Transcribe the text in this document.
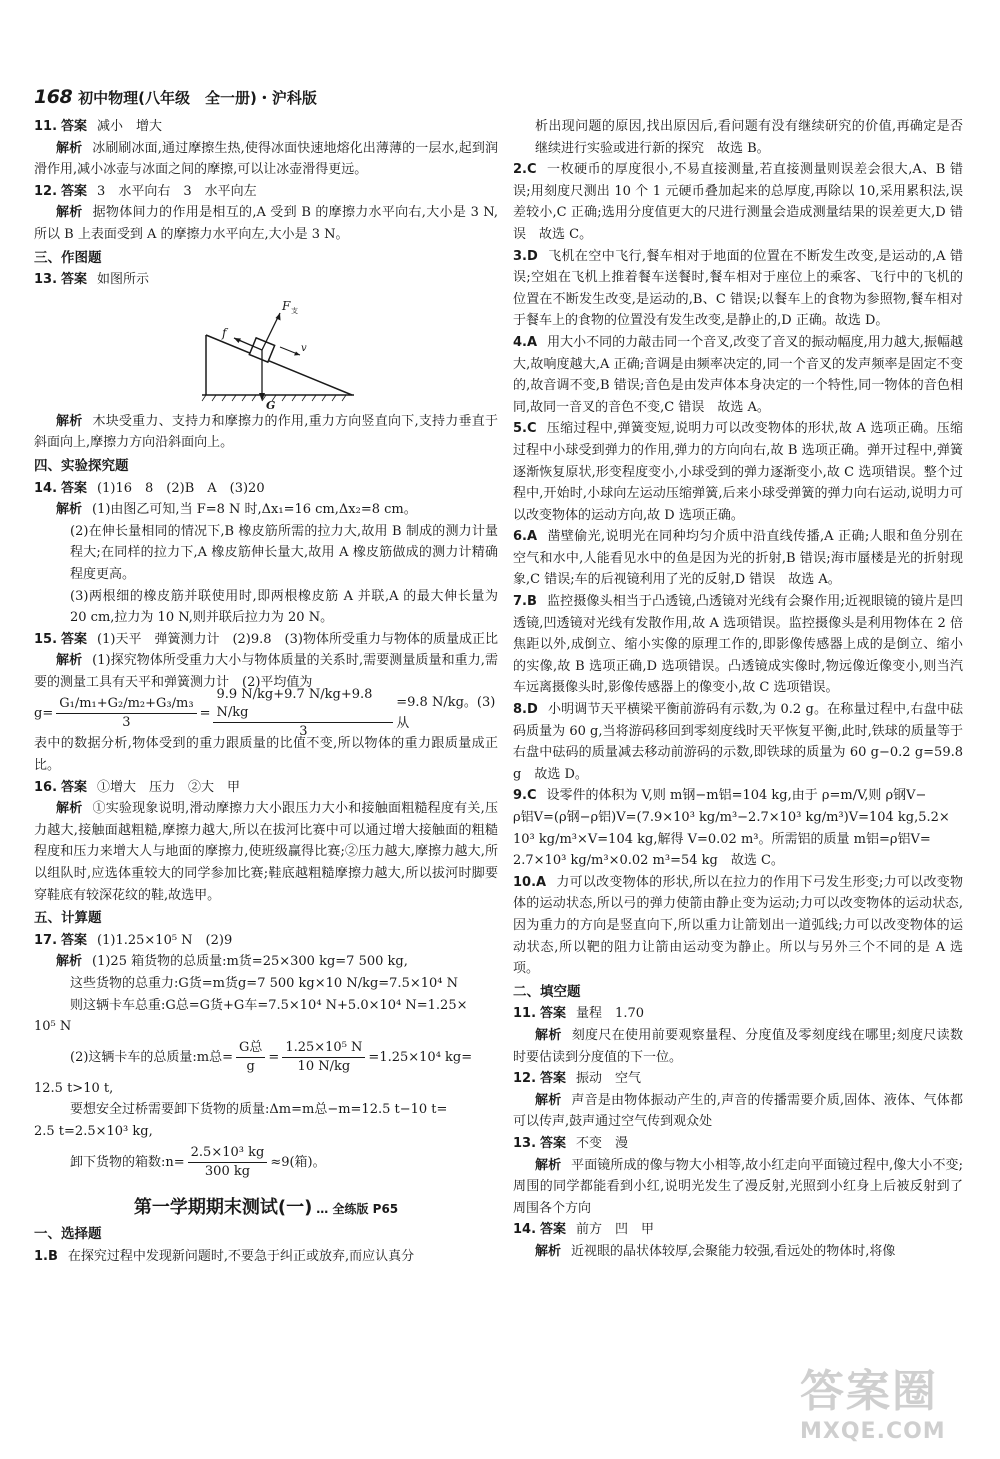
168 初中物理(八年级　全一册)・沪科版
11. 答案 减小　增大

解析 冰刷刷冰面,通过摩擦生热,使得冰面快速地熔化出薄薄的一层水,起到润滑作用,减小冰壶与冰面之间的摩擦,可以让冰壶滑得更远。

12. 答案 3　水平向右　3　水平向左

解析 据物体间力的作用是相互的,A 受到 B 的摩擦力水平向右,大小是 3 N,所以 B 上表面受到 A 的摩擦力水平向左,大小是 3 N。

三、作图题
13. 答案 如图所示
f
F 支
v
G

解析 木块受重力、支持力和摩擦力的作用,重力方向竖直向下,支持力垂直于斜面向上,摩擦力方向沿斜面向上。

四、实验探究题
14. 答案 (1)16　8　(2)B　A　(3)20

解析 (1)由图乙可知,当 F=8 N 时,Δx₁=16 cm,Δx₂=8 cm。

(2)在伸长量相同的情况下,B 橡皮筋所需的拉力大,故用 B 制成的测力计量程大;在同样的拉力下,A 橡皮筋伸长量大,故用 A 橡皮筋做成的测力计精确程度更高。

(3)两根细的橡皮筋并联使用时,即两根橡皮筋 A 并联,A 的最大伸长量为 20 cm,拉力为 10 N,则并联后拉力为 20 N。

15. 答案 (1)天平　弹簧测力计　(2)9.8　(3)物体所受重力与物体的质量成正比

解析 (1)探究物体所受重力大小与物体质量的关系时,需要测量质量和重力,需要的测量工具有天平和弹簧测力计　(2)平均值为

$g= \frac{\text{G₁/m₁+G₂/m₂+G₃/m₃}}{3} = \frac{9.9 N/kg+9.7 N/kg+9.8 N/kg}{3} =9.8$ N/kg。(3)从

表中的数据分析,物体受到的重力跟质量的比值不变,所以物体的重力跟质量成正比。

16. 答案 ①增大　压力　②大　甲

解析 ①实验现象说明,滑动摩擦力大小跟压力大小和接触面粗糙程度有关,压力越大,接触面越粗糙,摩擦力越大,所以在拔河比赛中可以通过增大接触面的粗糙程度和压力来增大人与地面的摩擦力,使班级赢得比赛;②压力越大,摩擦力越大,所以组队时,应选体重较大的同学参加比赛;鞋底越粗糙摩擦力越大,所以拔河时脚要穿鞋底有较深花纹的鞋,故选甲。

五、计算题
17. 答案 (1)1.25×10⁵ N　(2)9

解析 (1)25 箱货物的总质量:m货=25×300 kg=7 500 kg,

这些货物的总重力:G货=m货g=7 500 kg×10 N/kg=7.5×10⁴ N

则这辆卡车总重:G总=G货+G车=7.5×10⁴ N+5.0×10⁴ N=1.25×

10⁵ N

(2)这辆卡车的总质量:m总= $\frac{\text{G总}}{g} = \frac{\text{1.25×10⁵ N}}{10 N/kg} =1.25\times 10^4$ kg=

12.5 t>10 t,

要想安全过桥需要卸下货物的质量:Δm=m总−m=12.5 t−10 t=

2.5 t=2.5×10³ kg,

卸下货物的箱数:n= $\frac{\text{2.5×10³ kg}}{300 kg} \approx 9$(箱)。
第一学期期末测试(一) … 全练版 P65
一、选择题

1.B 在探究过程中发现新问题时,不要急于纠正或放弃,而应认真分

析出现问题的原因,找出原因后,看问题有没有继续研究的价值,再确定是否继续进行实验或进行新的探究　故选 B。

2.C 一枚硬币的厚度很小,不易直接测量,若直接测量则误差会很大,A、B 错误;用刻度尺测出 10 个 1 元硬币叠加起来的总厚度,再除以 10,采用累积法,误差较小,C 正确;选用分度值更大的尺进行测量会造成测量结果的误差更大,D 错误　故选 C。

3.D 飞机在空中飞行,餐车相对于地面的位置在不断发生改变,是运动的,A 错误;空姐在飞机上推着餐车送餐时,餐车相对于座位上的乘客、飞行中的飞机的位置在不断发生改变,是运动的,B、C 错误;以餐车上的食物为参照物,餐车相对于餐车上的食物的位置没有发生改变,是静止的,D 正确。故选 D。

4.A 用大小不同的力敲击同一个音叉,改变了音叉的振动幅度,用力越大,振幅越大,故响度越大,A 正确;音调是由频率决定的,同一个音叉的发声频率是固定不变的,故音调不变,B 错误;音色是由发声体本身决定的一个特性,同一物体的音色相同,故同一音叉的音色不变,C 错误　故选 A。

5.C 压缩过程中,弹簧变短,说明力可以改变物体的形状,故 A 选项正确。压缩过程中小球受到弹力的作用,弹力的方向向右,故 B 选项正确。弹开过程中,弹簧逐渐恢复原状,形变程度变小,小球受到的弹力逐渐变小,故 C 选项错误。整个过程中,开始时,小球向左运动压缩弹簧,后来小球受弹簧的弹力向右运动,说明力可以改变物体的运动方向,故 D 选项正确。

6.A 凿壁偷光,说明光在同种均匀介质中沿直线传播,A 正确;人眼和鱼分别在空气和水中,人能看见水中的鱼是因为光的折射,B 错误;海市蜃楼是光的折射现象,C 错误;车的后视镜利用了光的反射,D 错误　故选 A。

7.B 监控摄像头相当于凸透镜,凸透镜对光线有会聚作用;近视眼镜的镜片是凹透镜,凹透镜对光线有发散作用,故 A 选项错误。监控摄像头是利用物体在 2 倍焦距以外,成倒立、缩小实像的原理工作的,即影像传感器上成的是倒立、缩小的实像,故 B 选项正确,D 选项错误。凸透镜成实像时,物远像近像变小,则当汽车远离摄像头时,影像传感器上的像变小,故 C 选项错误。

8.D 小明调节天平横梁平衡前游码有示数,为 0.2 g。在称量过程中,右盘中砝码质量为 60 g,当将游码移回到零刻度线时天平恢复平衡,此时,铁球的质量等于右盘中砝码的质量减去移动前游码的示数,即铁球的质量为 60 g−0.2 g=59.8 g　故选 D。

9.C 设零件的体积为 V,则 m钢−m铝=104 kg,由于 ρ=m/V,则 ρ钢V−
ρ铝V=(ρ钢−ρ铝)V=(7.9×10³ kg/m³−2.7×10³ kg/m³)V=104 kg,5.2×
10³ kg/m³×V=104 kg,解得 V=0.02 m³。所需铝的质量 m铝=ρ铝V=
2.7×10³ kg/m³×0.02 m³=54 kg　故选 C。

10.A 力可以改变物体的形状,所以在拉力的作用下弓发生形变;力可以改变物体的运动状态,所以弓的弹力使箭由静止变为运动;力可以改变物体的运动状态,因为重力的方向是竖直向下,所以重力让箭划出一道弧线;力可以改变物体的运动状态,所以靶的阻力让箭由运动变为静止。所以与另外三个不同的是 A 选项。

二、填空题
11. 答案 量程　1.70

解析 刻度尺在使用前要观察量程、分度值及零刻度线在哪里;刻度尺读数时要估读到分度值的下一位。

12. 答案 振动　空气

解析 声音是由物体振动产生的,声音的传播需要介质,固体、液体、气体都可以传声,鼓声通过空气传到观众处

13. 答案 不变　漫

解析 平面镜所成的像与物大小相等,故小红走向平面镜过程中,像大小不变;周围的同学都能看到小红,说明光发生了漫反射,光照到小红身上后被反射到了周围各个方向

14. 答案 前方　凹　甲

解析 近视眼的晶状体较厚,会聚能力较强,看远处的物体时,将像

答案圈
MXQE.COM
